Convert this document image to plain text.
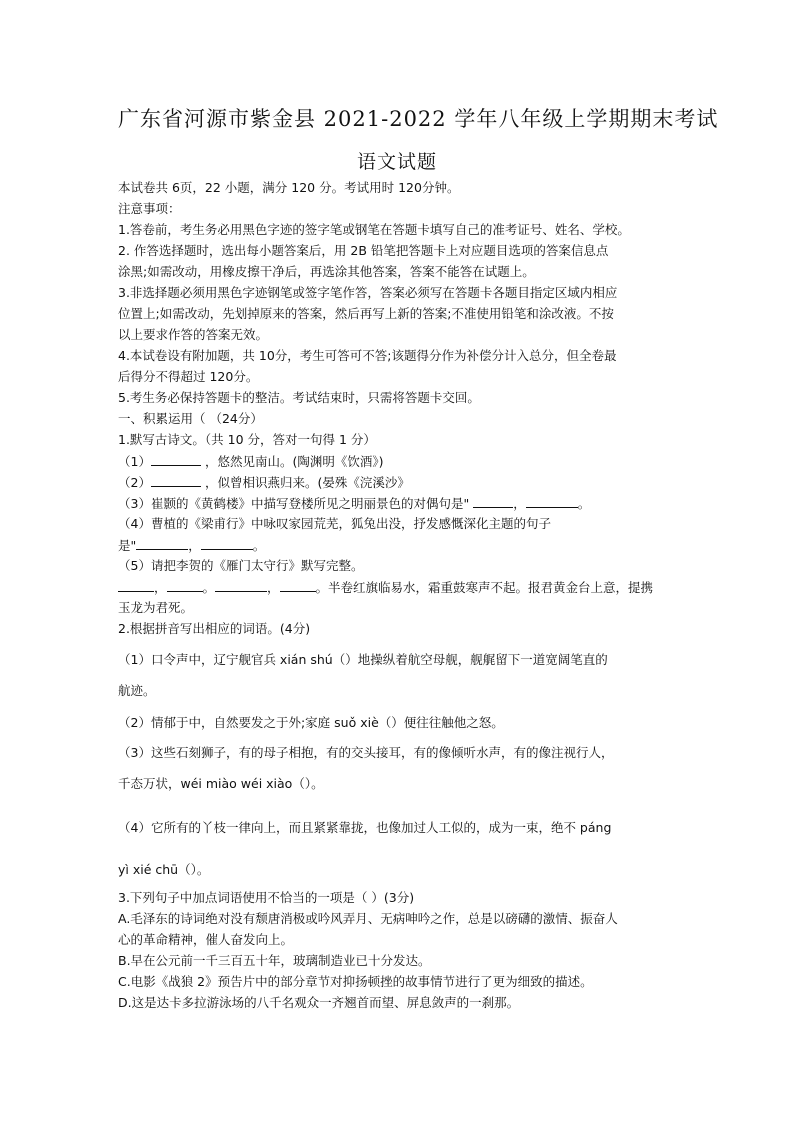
广东省河源市紫金县 2021-2022 学年八年级上学期期末考试
语文试题
本试卷共 6页，22 小题，满分 120 分。考试用时 120分钟。
注意事项：
1.答卷前，考生务必用黑色字迹的签字笔或钢笔在答题卡填写自己的准考证号、姓名、学校。
2. 作答选择题时，选出每小题答案后，用 2B 铅笔把答题卡上对应题目选项的答案信息点
涂黑;如需改动，用橡皮擦干净后，再选涂其他答案，答案不能答在试题上。
3.非选择题必须用黑色字迹钢笔或签字笔作答，答案必须写在答题卡各题目指定区域内相应
位置上;如需改动，先划掉原来的答案，然后再写上新的答案;不准使用铅笔和涂改液。不按
以上要求作答的答案无效。
4.本试卷设有附加题，共 10分，考生可答可不答;该题得分作为补偿分计入总分，但全卷最
后得分不得超过 120分。
5.考生务必保持答题卡的整洁。考试结束时，只需将答题卡交回。
一、积累运用（ （24分）
1.默写古诗文。（共 10 分，答对一句得 1 分）
（1）	，悠然见南山。(陶渊明《饮酒》)
（2）	，似曾相识燕归来。(晏殊《浣溪沙》
（3）崔颢的《黄鹤楼》中描写登楼所见之明丽景色的对偶句是"	，	。
（4）曹植的《梁甫行》中咏叹家园荒芜，狐兔出没，抒发感慨深化主题的句子
是"	，	。
（5）请把李贺的《雁门太守行》默写完整。
，	。	，	。半卷红旗临易水，霜重鼓寒声不起。报君黄金台上意，提携
玉龙为君死。
2.根据拼音写出相应的词语。(4分)
（1）口令声中，辽宁舰官兵 xián shú（）地操纵着航空母舰，舰艉留下一道宽阔笔直的
航迹。
（2）情郁于中，自然要发之于外;家庭 suǒ xiè（）便往往触他之怒。
（3）这些石刻狮子，有的母子相抱，有的交头接耳，有的像倾听水声，有的像注视行人，
千态万状，wéi miào wéi xiào（）。
（4）它所有的丫枝一律向上，而且紧紧靠拢，也像加过人工似的，成为一束，绝不 páng
yì xié chū（）。
3.下列句子中加点词语使用不恰当的一项是（ ）(3分)
A.毛泽东的诗词绝对没有颓唐消极或吟风弄月、无病呻吟之作，总是以磅礴的激情、振奋人
心的革命精神，催人奋发向上。
B.早在公元前一千三百五十年，玻璃制造业已十分发达。
C.电影《战狼 2》预告片中的部分章节对抑扬顿挫的故事情节进行了更为细致的描述。
D.这是达卡多拉游泳场的八千名观众一齐翘首而望、屏息敛声的一刹那。
